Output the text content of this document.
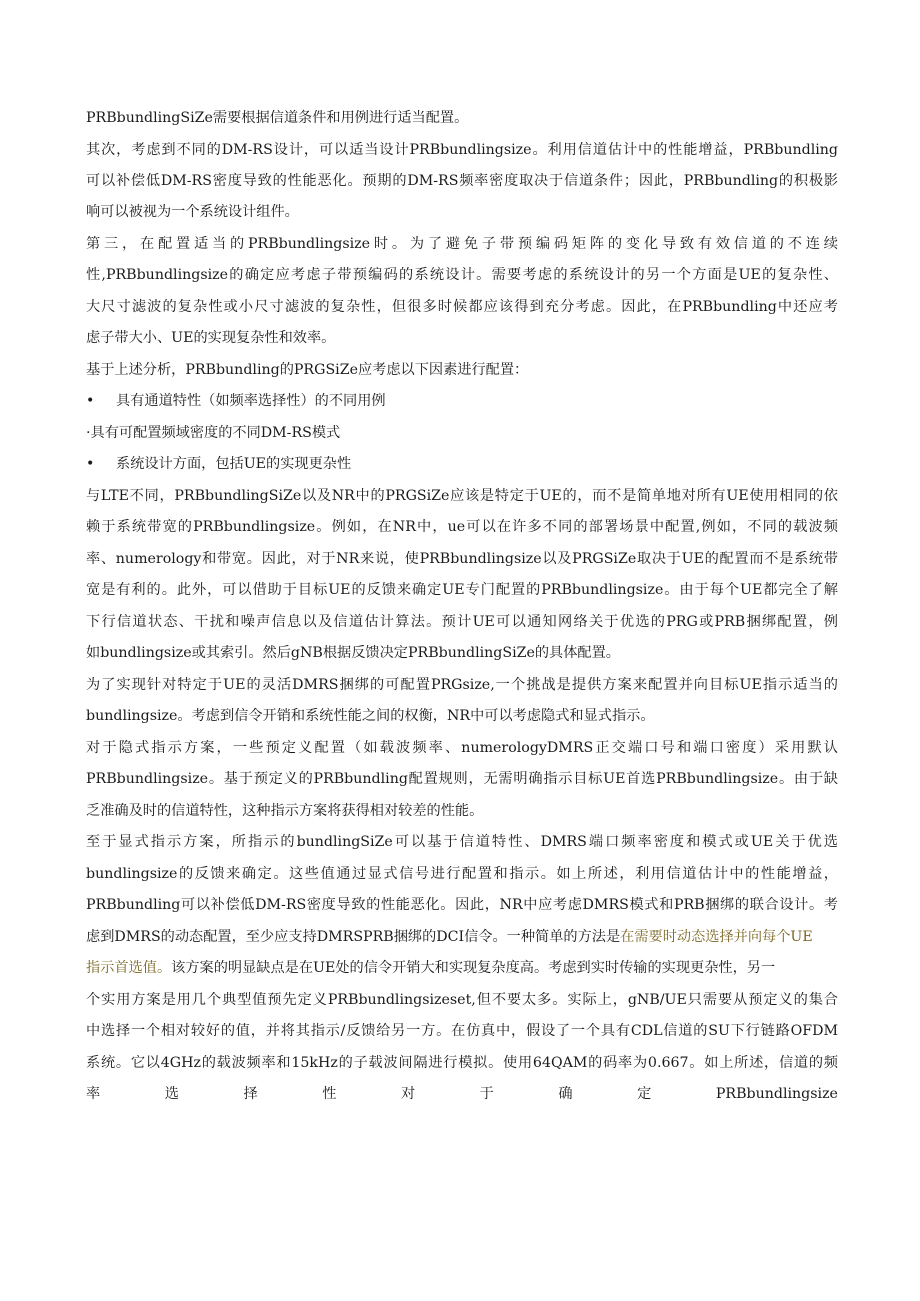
PRBbundlingSiZe需要根据信道条件和用例进行适当配置。
其次，考虑到不同的DM-RS设计，可以适当设计PRBbundlingsize。利用信道估计中的性能增益，PRBbundling
可以补偿低DM-RS密度导致的性能恶化。预期的DM-RS频率密度取决于信道条件；因此，PRBbundling的积极影
响可以被视为一个系统设计组件。
第三，在配置适当的PRBbundlingsize时。为了避免子带预编码矩阵的变化导致有效信道的不连续
性,PRBbundlingsize的确定应考虑子带预编码的系统设计。需要考虑的系统设计的另一个方面是UE的复杂性、
大尺寸滤波的复杂性或小尺寸滤波的复杂性，但很多时候都应该得到充分考虑。因此，在PRBbundling中还应考
虑子带大小、UE的实现复杂性和效率。
基于上述分析，PRBbundling的PRGSiZe应考虑以下因素进行配置：
• 具有通道特性（如频率选择性）的不同用例
·具有可配置频域密度的不同DM-RS模式
• 系统设计方面，包括UE的实现更杂性
与LTE不同，PRBbundlingSiZe以及NR中的PRGSiZe应该是特定于UE的，而不是简单地对所有UE使用相同的依
赖于系统带宽的PRBbundlingsize。例如，在NR中，ue可以在许多不同的部署场景中配置,例如，不同的载波频
率、numerology和带宽。因此，对于NR来说，使PRBbundlingsize以及PRGSiZe取决于UE的配置而不是系统带
宽是有利的。此外，可以借助于目标UE的反馈来确定UE专门配置的PRBbundlingsize。由于每个UE都完全了解
下行信道状态、干扰和噪声信息以及信道估计算法。预计UE可以通知网络关于优选的PRG或PRB捆绑配置，例
如bundlingsize或其索引。然后gNB根据反馈决定PRBbundlingSiZe的具体配置。
为了实现针对特定于UE的灵活DMRS捆绑的可配置PRGsize,一个挑战是提供方案来配置并向目标UE指示适当的
bundlingsize。考虑到信令开销和系统性能之间的权衡，NR中可以考虑隐式和显式指示。
对于隐式指示方案，一些预定义配置（如载波频率、numerologyDMRS正交端口号和端口密度）采用默认
PRBbundlingsize。基于预定义的PRBbundling配置规则，无需明确指示目标UE首选PRBbundlingsize。由于缺
乏准确及时的信道特性，这种指示方案将获得相对较差的性能。
至于显式指示方案，所指示的bundlingSiZe可以基于信道特性、DMRS端口频率密度和模式或UE关于优选
bundlingsize的反馈来确定。这些值通过显式信号进行配置和指示。如上所述，利用信道估计中的性能增益，
PRBbundling可以补偿低DM-RS密度导致的性能恶化。因此，NR中应考虑DMRS模式和PRB捆绑的联合设计。考
虑到DMRS的动态配置，至少应支持DMRSPRB捆绑的DCI信令。一种简单的方法是在需要时动态选择并向每个UE
指示首选值。该方案的明显缺点是在UE处的信令开销大和实现复杂度高。考虑到实时传输的实现更杂性，另一
个实用方案是用几个典型值预先定义PRBbundlingsizeset,但不要太多。实际上，gNB/UE只需要从预定义的集合
中选择一个相对较好的值，并将其指示/反馈给另一方。在仿真中，假设了一个具有CDL信道的SU下行链路OFDM
系统。它以4GHz的载波频率和15kHz的子载波间隔进行模拟。使用64QAM的码率为0.667。如上所述，信道的频
率	选	择	性	对	于	确	定	PRBbundlingsize
